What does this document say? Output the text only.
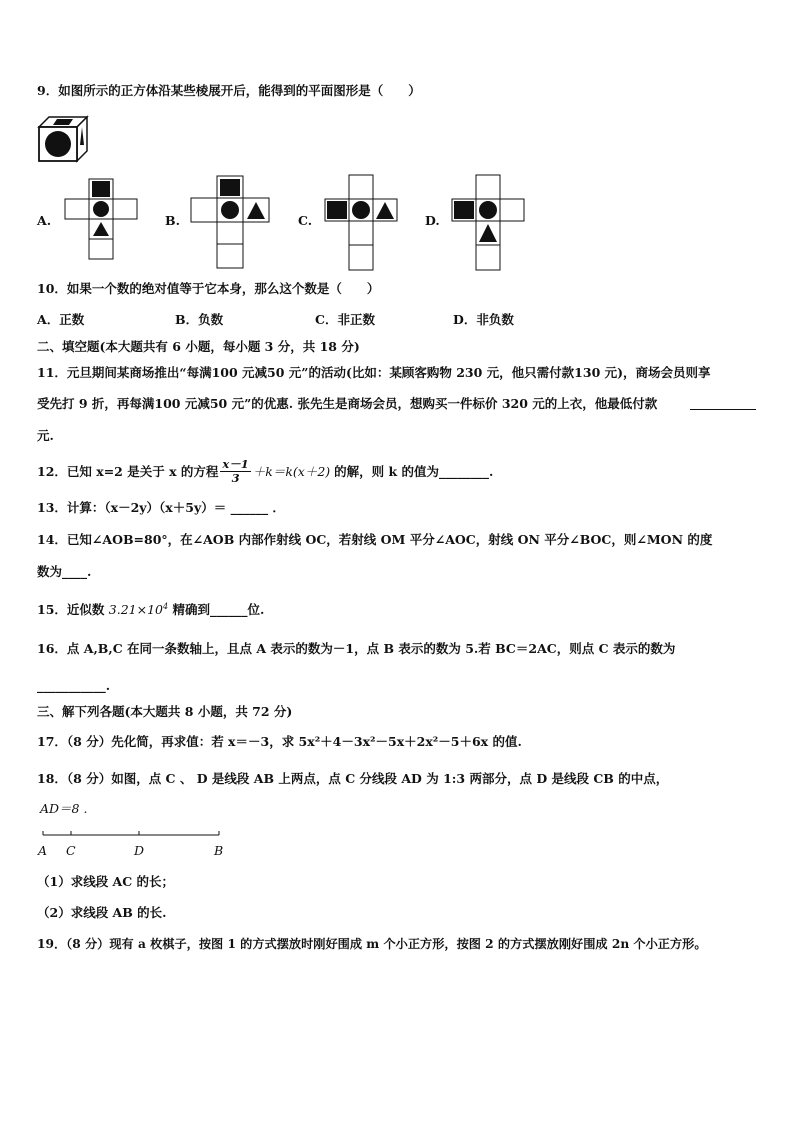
9．如图所示的正方体沿某些棱展开后，能得到的平面图形是（　　）
A.	B.	C.	D.
10．如果一个数的绝对值等于它本身，那么这个数是（　　）
A．正数	B．负数	C．非正数	D．非负数
二、填空题(本大题共有 6 小题，每小题 3 分，共 18 分)
11．元旦期间某商场推出“每满100 元减50 元”的活动(比如：某顾客购物 230 元，他只需付款130 元)，商场会员则享
受先打 9 折，再每满100 元减50 元”的优惠. 张先生是商场会员，想购买一件标价 320 元的上衣，他最低付款
元.
12．已知 x=2 是关于 x 的方程 $\frac{x-1}{3} +k=k(x+2)$ 的解，则 k 的值为________.
13．计算：（x－2y）（x＋5y）＝ ______ ．
14．已知∠AOB=80°，在∠AOB 内部作射线 OC，若射线 OM 平分∠AOC，射线 ON 平分∠BOC，则∠MON 的度
数为____.
15．近似数 $3.21\times 10^4$ 精确到______位.
16．点 A,B,C 在同一条数轴上，且点 A 表示的数为－1，点 B 表示的数为 5.若 BC＝2AC，则点 C 表示的数为
___________.
三、解下列各题(本大题共 8 小题，共 72 分)
17．（8 分）先化简，再求值：若 x＝－3，求 5x²＋4－3x²－5x＋2x²－5＋6x 的值.
18．（8 分）如图，点 C 、 D 是线段 AB 上两点，点 C 分线段 AD 为 1:3 两部分，点 D 是线段 CB 的中点，
AD＝8 .
A C	D	B
（1）求线段 AC 的长；
（2）求线段 AB 的长.
19．（8 分）现有 a 枚棋子，按图 1 的方式摆放时刚好围成 m 个小正方形，按图 2 的方式摆放刚好围成 2n 个小正方形。
